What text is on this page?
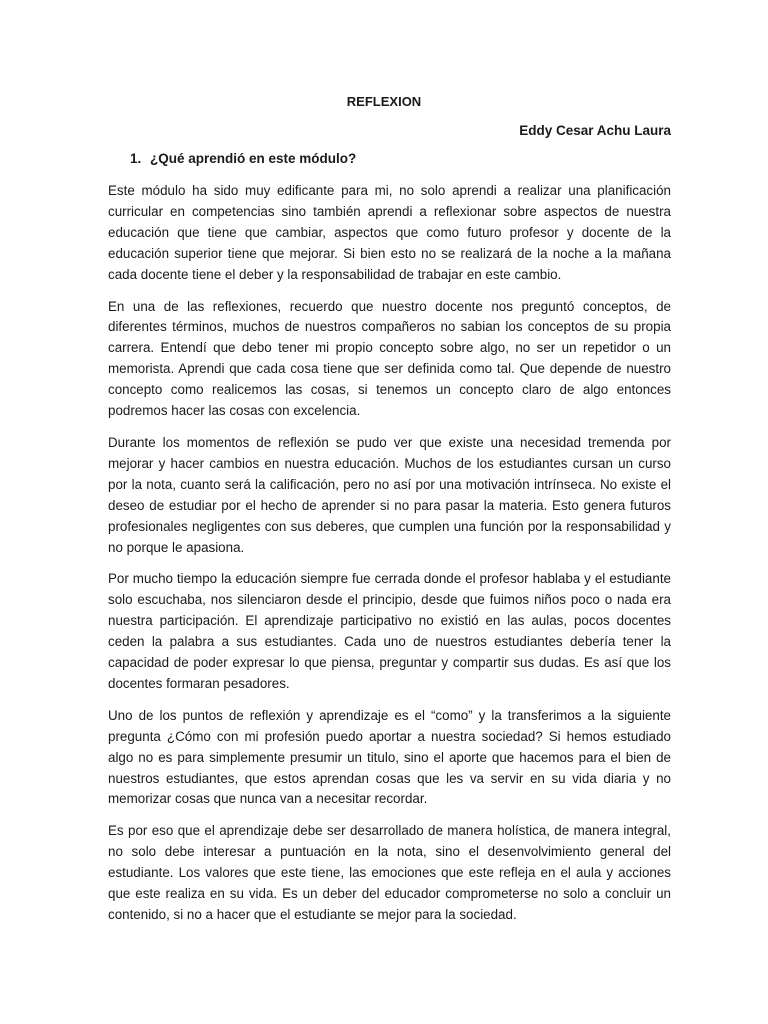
REFLEXION
Eddy Cesar Achu Laura
1. ¿Qué aprendió en este módulo?

Este módulo ha sido muy edificante para mi, no solo aprendi a realizar una planificación curricular en competencias sino también aprendi a reflexionar sobre aspectos de nuestra educación que tiene que cambiar, aspectos que como futuro profesor y docente de la educación superior tiene que mejorar. Si bien esto no se realizará de la noche a la mañana cada docente tiene el deber y la responsabilidad de trabajar en este cambio.

En una de las reflexiones, recuerdo que nuestro docente nos preguntó conceptos, de diferentes términos, muchos de nuestros compañeros no sabian los conceptos de su propia carrera. Entendí que debo tener mi propio concepto sobre algo, no ser un repetidor o un memorista. Aprendi que cada cosa tiene que ser definida como tal. Que depende de nuestro concepto como realicemos las cosas, si tenemos un concepto claro de algo entonces podremos hacer las cosas con excelencia.

Durante los momentos de reflexión se pudo ver que existe una necesidad tremenda por mejorar y hacer cambios en nuestra educación. Muchos de los estudiantes cursan un curso por la nota, cuanto será la calificación, pero no así por una motivación intrínseca. No existe el deseo de estudiar por el hecho de aprender si no para pasar la materia. Esto genera futuros profesionales negligentes con sus deberes, que cumplen una función por la responsabilidad y no porque le apasiona.

Por mucho tiempo la educación siempre fue cerrada donde el profesor hablaba y el estudiante solo escuchaba, nos silenciaron desde el principio, desde que fuimos niños poco o nada era nuestra participación. El aprendizaje participativo no existió en las aulas, pocos docentes ceden la palabra a sus estudiantes. Cada uno de nuestros estudiantes debería tener la capacidad de poder expresar lo que piensa, preguntar y compartir sus dudas. Es así que los docentes formaran pesadores.

Uno de los puntos de reflexión y aprendizaje es el “como” y la transferimos a la siguiente pregunta ¿Cómo con mi profesión puedo aportar a nuestra sociedad? Si hemos estudiado algo no es para simplemente presumir un titulo, sino el aporte que hacemos para el bien de nuestros estudiantes, que estos aprendan cosas que les va servir en su vida diaria y no memorizar cosas que nunca van a necesitar recordar.

Es por eso que el aprendizaje debe ser desarrollado de manera holística, de manera integral, no solo debe interesar a puntuación en la nota, sino el desenvolvimiento general del estudiante. Los valores que este tiene, las emociones que este refleja en el aula y acciones que este realiza en su vida. Es un deber del educador comprometerse no solo a concluir un contenido, si no a hacer que el estudiante se mejor para la sociedad.
